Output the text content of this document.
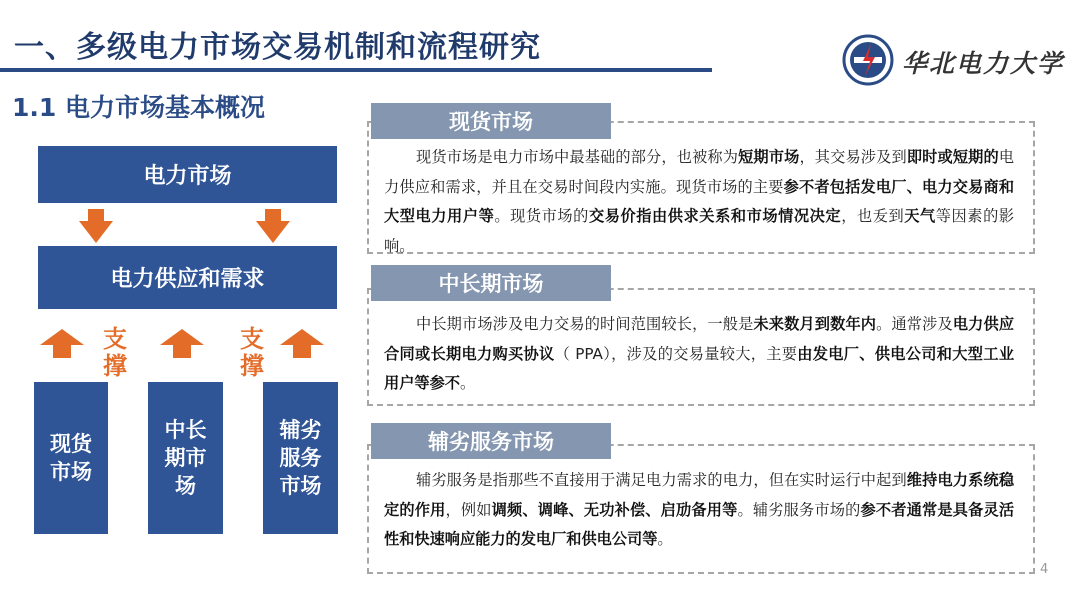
一、多级电力市场交易机制和流程研究	华北电力大学
1.1 电力市场基本概况
电力市场
电力供应和需求
支撑
支撑
现货市场
中长期市场
辅劣服务市场
现货市场是电力市场中最基础的部分，也被称为短期市场，其交易涉及到即时或短期的电力供应和需求，并且在交易时间段内实施。现货市场的主要参不者包括发电厂、电力交易商和大型电力用户等。现货市场的交易价指由供求关系和市场情况决定，也叐到天气等因素的影响。
现货市场
中长期市场涉及电力交易的时间范围较长，一般是未来数月到数年内。通常涉及电力供应合同或长期电力购买协议（ PPA），涉及的交易量较大，主要由发电厂、供电公司和大型工业用户等参不。
中长期市场
辅劣服务是指那些不直接用于满足电力需求的电力，但在实时运行中起到维持电力系统稳定的作用，例如调频、调峰、无功补偿、启劢备用等。辅劣服务市场的参不者通常是具备灵活性和快速响应能力的发电厂和供电公司等。
辅劣服务市场
4
